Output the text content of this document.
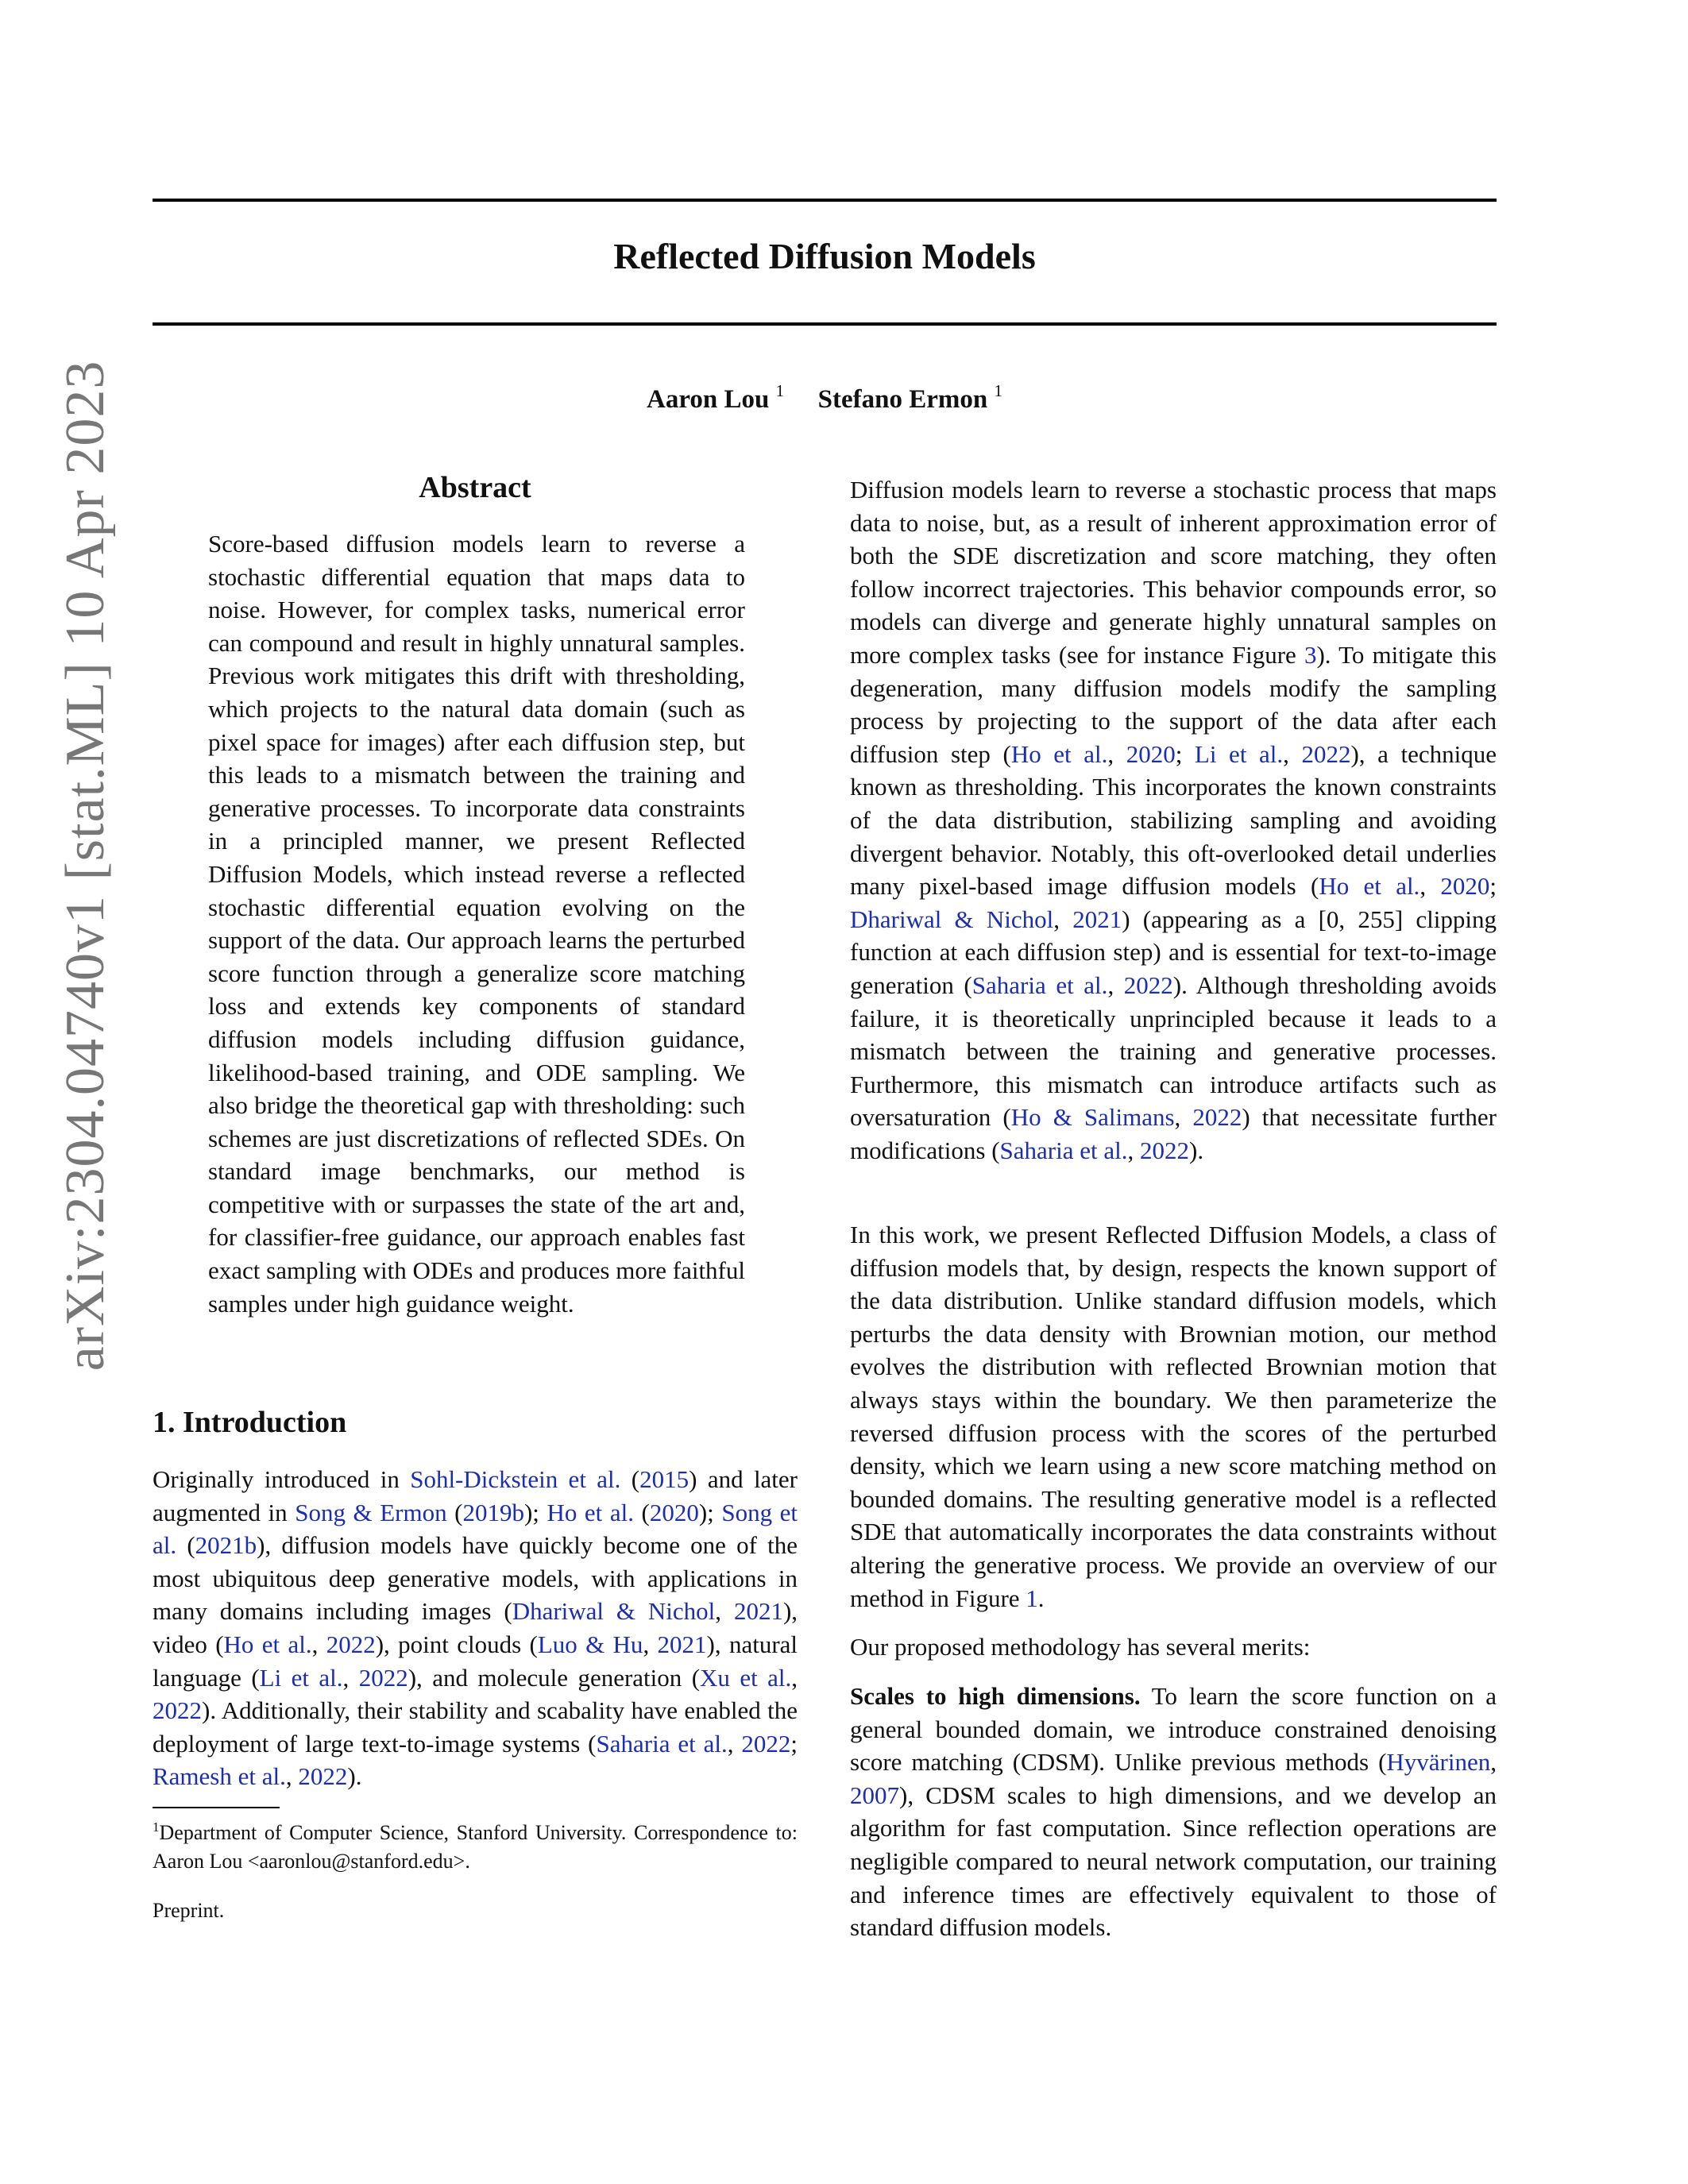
Reflected Diffusion Models
Aaron Lou $^1$ Stefano Ermon $^1$
arXiv:2304.04740v1 [stat.ML] 10 Apr 2023	Abstract

Score-based diffusion models learn to reverse a stochastic differential equation that maps data to noise. However, for complex tasks, numerical error can compound and result in highly unnatural samples. Previous work mitigates this drift with thresholding, which projects to the natural data domain (such as pixel space for images) after each diffusion step, but this leads to a mismatch between the training and generative processes. To incorporate data constraints in a principled manner, we present Reflected Diffusion Models, which instead reverse a reflected stochastic differential equation evolving on the support of the data. Our approach learns the perturbed score function through a generalize score matching loss and extends key components of standard diffusion models including diffusion guidance, likelihood-based training, and ODE sampling. We also bridge the theoretical gap with thresholding: such schemes are just discretizations of reflected SDEs. On standard image benchmarks, our method is competitive with or surpasses the state of the art and, for classifier-free guidance, our approach enables fast exact sampling with ODEs and produces more faithful samples under high guidance weight.

1. Introduction

Originally introduced in Sohl-Dickstein et al. (2015) and later augmented in Song & Ermon (2019b); Ho et al. (2020); Song et al. (2021b), diffusion models have quickly become one of the most ubiquitous deep generative models, with applications in many domains including images (Dhariwal & Nichol, 2021), video (Ho et al., 2022), point clouds (Luo & Hu, 2021), natural language (Li et al., 2022), and molecule generation (Xu et al., 2022). Additionally, their stability and scabality have enabled the deployment of large text-to-image systems (Saharia et al., 2022; Ramesh et al., 2022).

$^1$Department of Computer Science, Stanford University. Correspondence to: Aaron Lou <aaronlou@stanford.edu>.

Preprint.

Diffusion models learn to reverse a stochastic process that maps data to noise, but, as a result of inherent approximation error of both the SDE discretization and score matching, they often follow incorrect trajectories. This behavior compounds error, so models can diverge and generate highly unnatural samples on more complex tasks (see for instance Figure 3). To mitigate this degeneration, many diffusion models modify the sampling process by projecting to the support of the data after each diffusion step (Ho et al., 2020; Li et al., 2022), a technique known as thresholding. This incorporates the known constraints of the data distribution, stabilizing sampling and avoiding divergent behavior. Notably, this oft-overlooked detail underlies many pixel-based image diffusion models (Ho et al., 2020; Dhariwal & Nichol, 2021) (appearing as a [0, 255] clipping function at each diffusion step) and is essential for text-to-image generation (Saharia et al., 2022). Although thresholding avoids failure, it is theoretically unprincipled because it leads to a mismatch between the training and generative processes. Furthermore, this mismatch can introduce artifacts such as oversaturation (Ho & Salimans, 2022) that necessitate further modifications (Saharia et al., 2022).

In this work, we present Reflected Diffusion Models, a class of diffusion models that, by design, respects the known support of the data distribution. Unlike standard diffusion models, which perturbs the data density with Brownian motion, our method evolves the distribution with reflected Brownian motion that always stays within the boundary. We then parameterize the reversed diffusion process with the scores of the perturbed density, which we learn using a new score matching method on bounded domains. The resulting generative model is a reflected SDE that automatically incorporates the data constraints without altering the generative process. We provide an overview of our method in Figure 1.

Our proposed methodology has several merits:

Scales to high dimensions. To learn the score function on a general bounded domain, we introduce constrained denoising score matching (CDSM). Unlike previous methods (Hyvärinen, 2007), CDSM scales to high dimensions, and we develop an algorithm for fast computation. Since reflection operations are negligible compared to neural network computation, our training and inference times are effectively equivalent to those of standard diffusion models.
